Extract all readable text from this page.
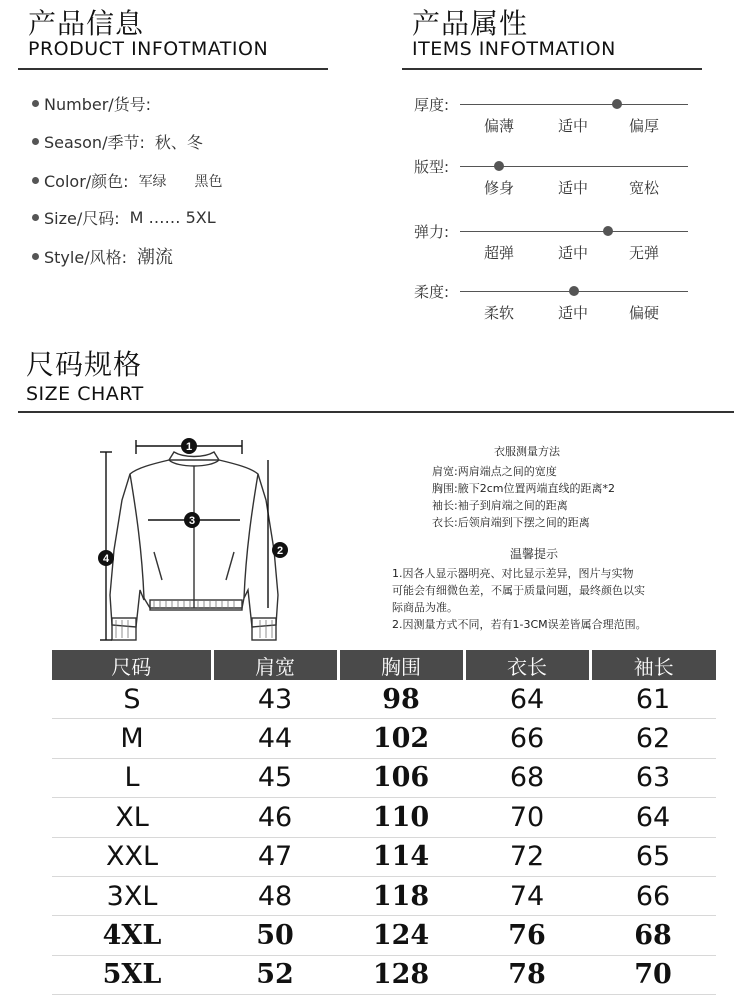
产品信息
PRODUCT INFOTMATION
Number/货号:
Season/季节: 秋、冬
Color/颜色: 军绿　　黑色
Size/尺码: M …… 5XL
Style/风格: 潮流
产品属性
ITEMS INFOTMATION
厚度:
偏薄	适中	偏厚
版型:
修身	适中	宽松
弹力:
超弹	适中	无弹
柔度:
柔软	适中	偏硬
尺码规格
SIZE CHART
1
3
4
2
衣服测量方法
肩宽:两肩端点之间的宽度
胸围:腋下2cm位置两端直线的距离*2
袖长:袖子到肩端之间的距离
衣长:后领肩端到下摆之间的距离
温馨提示
1.因各人显示器明亮、对比显示差异，图片与实物
可能会有细微色差，不属于质量问题，最终颜色以实
际商品为准。
2.因测量方式不同，若有1-3CM误差皆属合理范围。
尺码	肩宽	胸围	衣长	袖长
S	43	98	64	61
M	44	102	66	62
L	45	106	68	63
XL	46	110	70	64
XXL	47	114	72	65
3XL	48	118	74	66
4XL	50	124	76	68
5XL	52	128	78	70
